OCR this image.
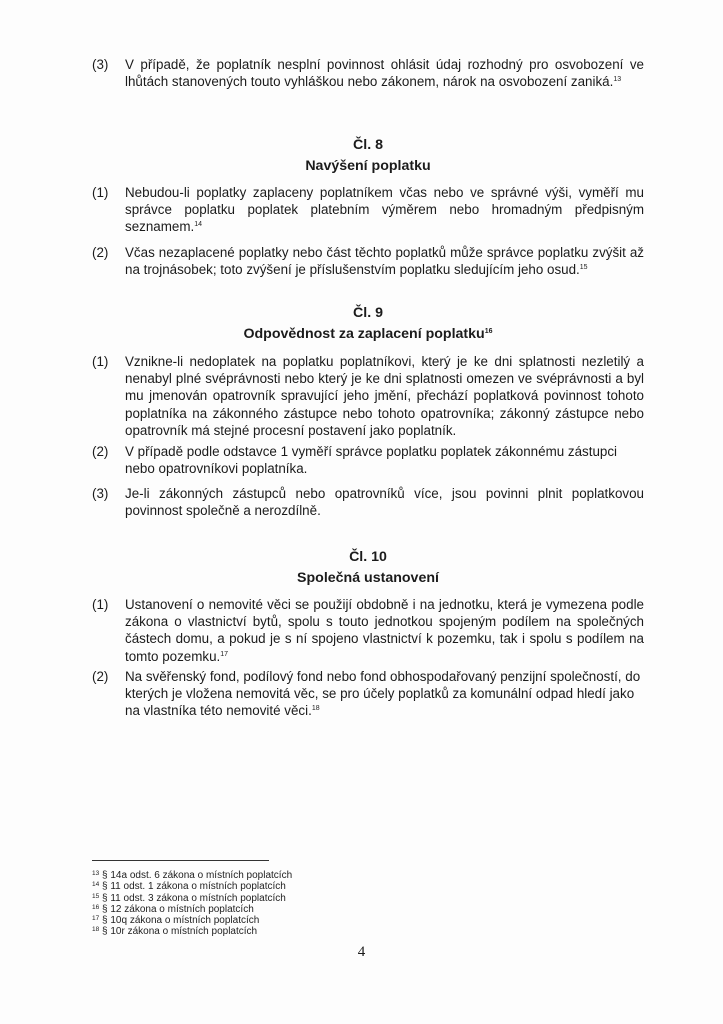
(3) V případě, že poplatník nesplní povinnost ohlásit údaj rozhodný pro osvobození ve lhůtách stanovených touto vyhláškou nebo zákonem, nárok na osvobození zaniká.$^{13}$
Čl. 8
Navýšení poplatku
(1) Nebudou-li poplatky zaplaceny poplatníkem včas nebo ve správné výši, vyměří mu správce poplatku poplatek platebním výměrem nebo hromadným předpisným seznamem.$^{14}$
(2) Včas nezaplacené poplatky nebo část těchto poplatků může správce poplatku zvýšit až na trojnásobek; toto zvýšení je příslušenstvím poplatku sledujícím jeho osud.$^{15}$
Čl. 9
Odpovědnost za zaplacení poplatku$^{16}$
(1) Vznikne-li nedoplatek na poplatku poplatníkovi, který je ke dni splatnosti nezletilý a nenabyl plné svéprávnosti nebo který je ke dni splatnosti omezen ve svéprávnosti a byl mu jmenován opatrovník spravující jeho jmění, přechází poplatková povinnost tohoto poplatníka na zákonného zástupce nebo tohoto opatrovníka; zákonný zástupce nebo opatrovník má stejné procesní postavení jako poplatník.
(2) V případě podle odstavce 1 vyměří správce poplatku poplatek zákonnému zástupci nebo opatrovníkovi poplatníka.
(3) Je-li zákonných zástupců nebo opatrovníků více, jsou povinni plnit poplatkovou povinnost společně a nerozdílně.
Čl. 10
Společná ustanovení
(1) Ustanovení o nemovité věci se použijí obdobně i na jednotku, která je vymezena podle zákona o vlastnictví bytů, spolu s touto jednotkou spojeným podílem na společných částech domu, a pokud je s ní spojeno vlastnictví k pozemku, tak i spolu s podílem na tomto pozemku.$^{17}$
(2) Na svěřenský fond, podílový fond nebo fond obhospodařovaný penzijní společností, do kterých je vložena nemovitá věc, se pro účely poplatků za komunální odpad hledí jako na vlastníka této nemovité věci.$^{18}$
$^{13}$ § 14a odst. 6 zákona o místních poplatcích
$^{14}$ § 11 odst. 1 zákona o místních poplatcích
$^{15}$ § 11 odst. 3 zákona o místních poplatcích
$^{16}$ § 12 zákona o místních poplatcích
$^{17}$ § 10q zákona o místních poplatcích
$^{18}$ § 10r zákona o místních poplatcích
4
